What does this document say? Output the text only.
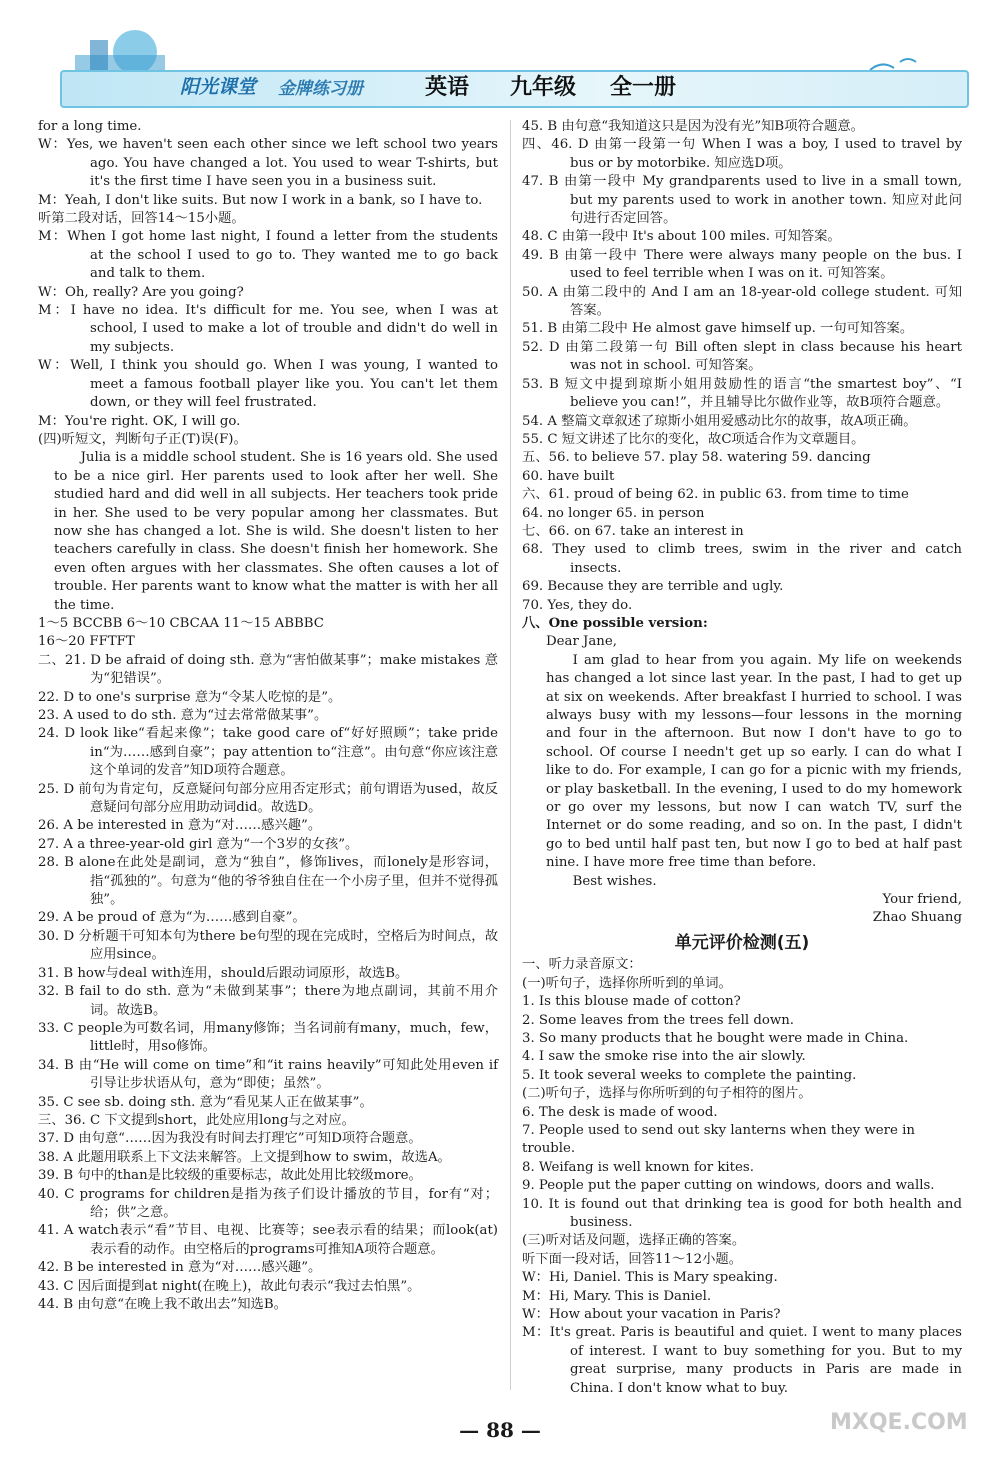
阳光课堂 金牌练习册	英语 九年级 全一册

for a long time.

W：Yes, we haven't seen each other since we left school two years ago. You have changed a lot. You used to wear T-shirts, but it's the first time I have seen you in a business suit.

M：Yeah, I don't like suits. But now I work in a bank, so I have to.

听第二段对话，回答14～15小题。

M：When I got home last night, I found a letter from the students at the school I used to go to. They wanted me to go back and talk to them.

W：Oh, really? Are you going?

M：I have no idea. It's difficult for me. You see, when I was at school, I used to make a lot of trouble and didn't do well in my subjects.

W：Well, I think you should go. When I was young, I wanted to meet a famous football player like you. You can't let them down, or they will feel frustrated.

M：You're right. OK, I will go.

(四)听短文，判断句子正(T)误(F)。

Julia is a middle school student. She is 16 years old. She used to be a nice girl. Her parents used to look after her well. She studied hard and did well in all subjects. Her teachers took pride in her. She used to be very popular among her classmates. But now she has changed a lot. She is wild. She doesn't listen to her teachers carefully in class. She doesn't finish her homework. She even often argues with her classmates. She often causes a lot of trouble. Her parents want to know what the matter is with her all the time.

1～5 BCCBB 6～10 CBCAA 11～15 ABBBC

16～20 FFTFT

二、21. D be afraid of doing sth. 意为“害怕做某事”；make mistakes 意为“犯错误”。

22. D to one's surprise 意为“令某人吃惊的是”。

23. A used to do sth. 意为“过去常常做某事”。

24. D look like“看起来像”；take good care of“好好照顾”；take pride in“为……感到自豪”；pay attention to“注意”。由句意“你应该注意这个单词的发音”知D项符合题意。

25. D 前句为肯定句，反意疑问句部分应用否定形式；前句谓语为used，故反意疑问句部分应用助动词did。故选D。

26. A be interested in 意为“对……感兴趣”。

27. A a three-year-old girl 意为“一个3岁的女孩”。

28. B alone在此处是副词，意为“独自”，修饰lives，而lonely是形容词，指“孤独的”。句意为“他的爷爷独自住在一个小房子里，但并不觉得孤独”。

29. A be proud of 意为“为……感到自豪”。

30. D 分析题干可知本句为there be句型的现在完成时，空格后为时间点，故应用since。

31. B how与deal with连用，should后跟动词原形，故选B。

32. B fail to do sth. 意为“未做到某事”；there为地点副词，其前不用介词。故选B。

33. C people为可数名词，用many修饰；当名词前有many，much，few，little时，用so修饰。

34. B 由“He will come on time”和“it rains heavily”可知此处用even if引导让步状语从句，意为“即使；虽然”。

35. C see sb. doing sth. 意为“看见某人正在做某事”。

三、36. C 下文提到short，此处应用long与之对应。

37. D 由句意“……因为我没有时间去打理它”可知D项符合题意。

38. A 此题用联系上下文法来解答。上文提到how to swim，故选A。

39. B 句中的than是比较级的重要标志，故此处用比较级more。

40. C programs for children是指为孩子们设计播放的节目，for有“对；给；供”之意。

41. A watch表示“看”节目、电视、比赛等；see表示看的结果；而look(at)表示看的动作。由空格后的programs可推知A项符合题意。

42. B be interested in 意为“对……感兴趣”。

43. C 因后面提到at night(在晚上)，故此句表示“我过去怕黑”。

44. B 由句意“在晚上我不敢出去”知选B。

45. B 由句意“我知道这只是因为没有光”知B项符合题意。

四、46. D 由第一段第一句 When I was a boy, I used to travel by bus or by motorbike. 知应选D项。

47. B 由第一段中 My grandparents used to live in a small town, but my parents used to work in another town. 知应对此问句进行否定回答。

48. C 由第一段中 It's about 100 miles. 可知答案。

49. B 由第一段中 There were always many people on the bus. I used to feel terrible when I was on it. 可知答案。

50. A 由第二段中的 And I am an 18-year-old college student. 可知答案。

51. B 由第二段中 He almost gave himself up. 一句可知答案。

52. D 由第二段第一句 Bill often slept in class because his heart was not in school. 可知答案。

53. B 短文中提到琼斯小姐用鼓励性的语言“the smartest boy”、“I believe you can!”，并且辅导比尔做作业等，故B项符合题意。

54. A 整篇文章叙述了琼斯小姐用爱感动比尔的故事，故A项正确。

55. C 短文讲述了比尔的变化，故C项适合作为文章题目。

五、56. to believe 57. play 58. watering 59. dancing

60. have built

六、61. proud of being 62. in public 63. from time to time

64. no longer 65. in person

七、66. on 67. take an interest in

68. They used to climb trees, swim in the river and catch insects.

69. Because they are terrible and ugly.

70. Yes, they do.

八、One possible version:

Dear Jane,

I am glad to hear from you again. My life on weekends has changed a lot since last year. In the past, I had to get up at six on weekends. After breakfast I hurried to school. I was always busy with my lessons—four lessons in the morning and four in the afternoon. But now I don't have to go to school. Of course I needn't get up so early. I can do what I like to do. For example, I can go for a picnic with my friends, or play basketball. In the evening, I used to do my homework or go over my lessons, but now I can watch TV, surf the Internet or do some reading, and so on. In the past, I didn't go to bed until half past ten, but now I go to bed at half past nine. I have more free time than before.

Best wishes.

Your friend,

Zhao Shuang

单元评价检测(五)

一、听力录音原文：

(一)听句子，选择你所听到的单词。

1. Is this blouse made of cotton?

2. Some leaves from the trees fell down.

3. So many products that he bought were made in China.

4. I saw the smoke rise into the air slowly.

5. It took several weeks to complete the painting.

(二)听句子，选择与你所听到的句子相符的图片。

6. The desk is made of wood.

7. People used to send out sky lanterns when they were in trouble.

8. Weifang is well known for kites.

9. People put the paper cutting on windows, doors and walls.

10. It is found out that drinking tea is good for both health and business.

(三)听对话及问题，选择正确的答案。

听下面一段对话，回答11～12小题。

W：Hi, Daniel. This is Mary speaking.

M：Hi, Mary. This is Daniel.

W：How about your vacation in Paris?

M：It's great. Paris is beautiful and quiet. I went to many places of interest. I want to buy something for you. But to my great surprise, many products in Paris are made in China. I don't know what to buy.

— 88 —	MXQE.COM
